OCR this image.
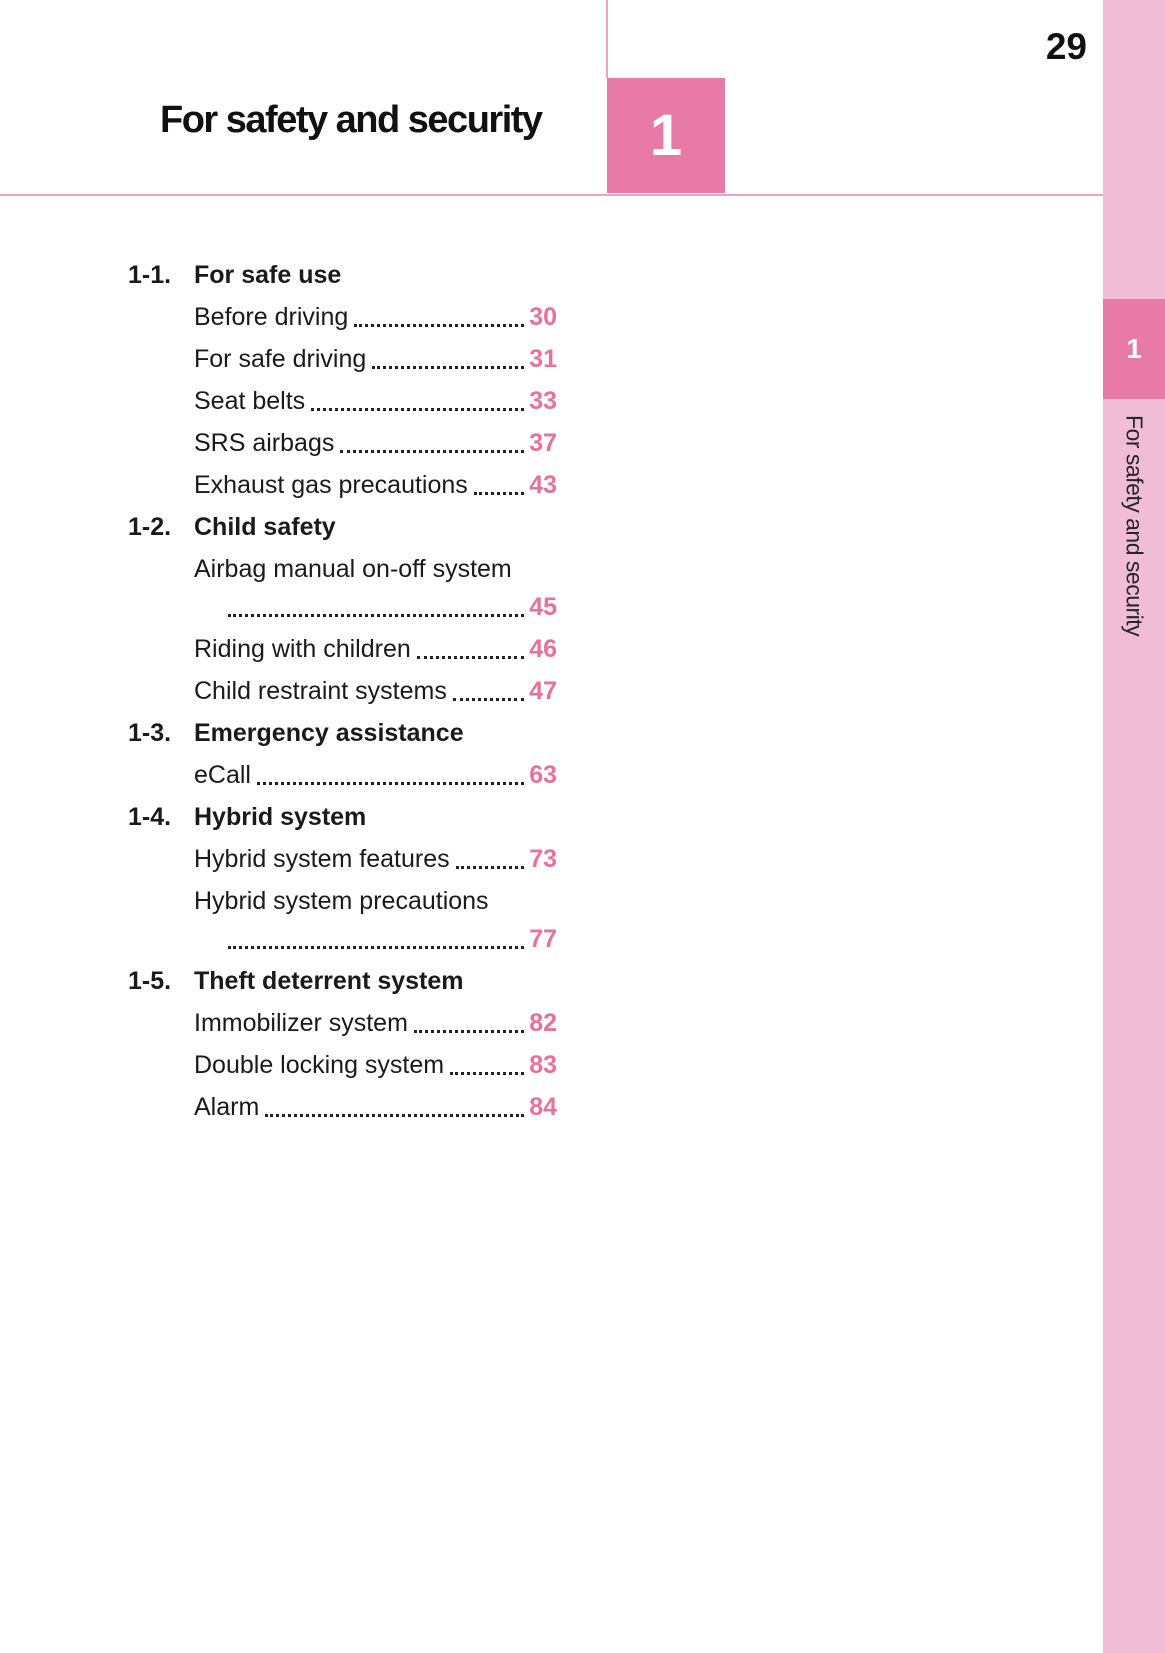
29
For safety and security 1
1-1. For safe use
Before driving	30
For safe driving	31
Seat belts	33
SRS airbags	37
Exhaust gas precautions 43
1-2. Child safety
Airbag manual on-off system
45
Riding with children	46
Child restraint systems	47
1-3. Emergency assistance
eCall	63
1-4. Hybrid system
Hybrid system features	73
Hybrid system precautions
77
1-5. Theft deterrent system
Immobilizer system	82
Double locking system	83
Alarm	84
1
For safety and security
